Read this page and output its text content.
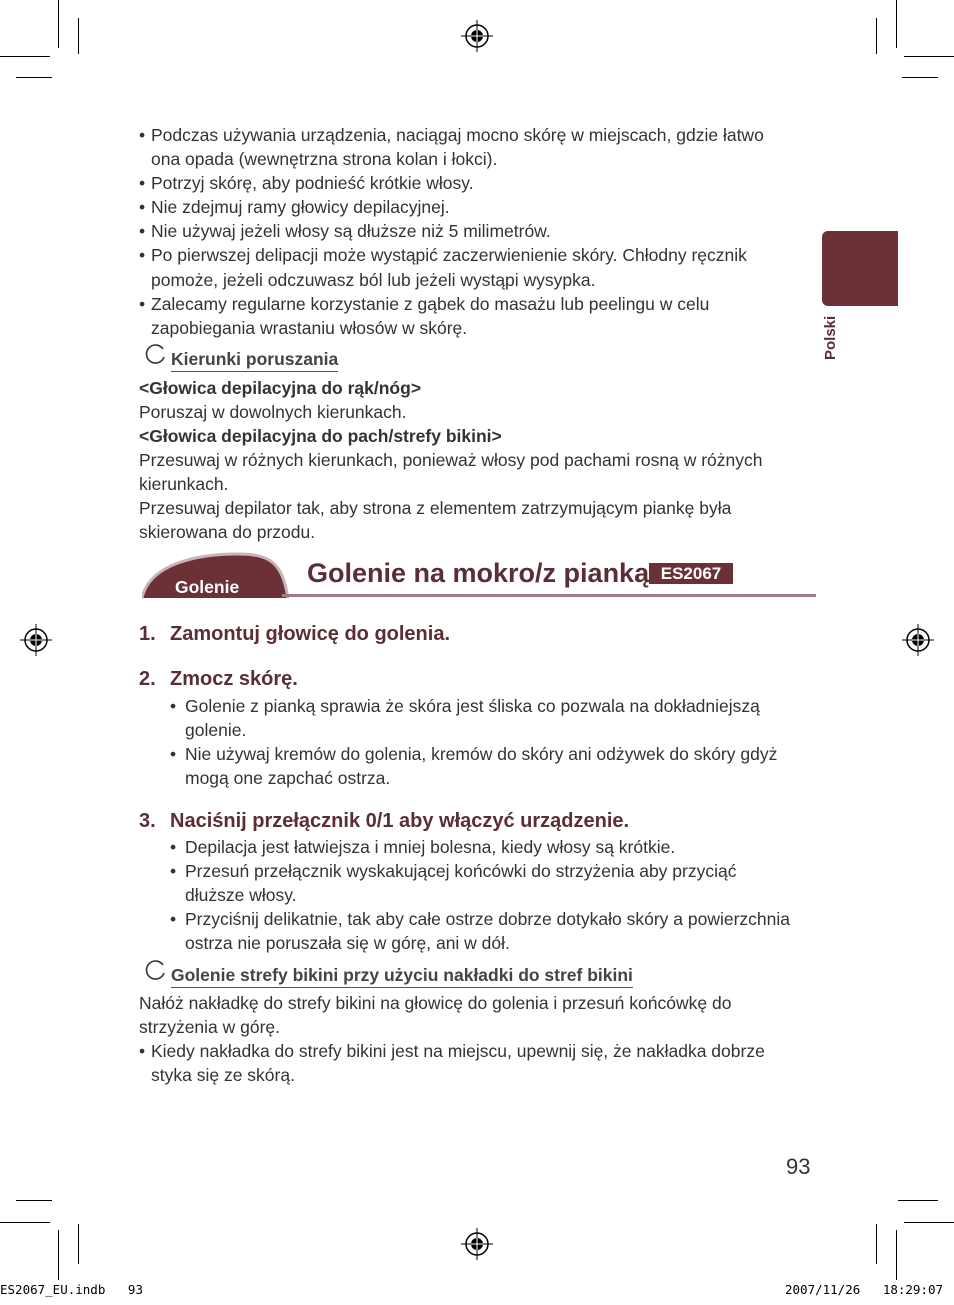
Polski
• Podczas używania urządzenia, naciągaj mocno skórę w miejscach, gdzie łatwo
ona opada (wewnętrzna strona kolan i łokci).
• Potrzyj skórę, aby podnieść krótkie włosy.
• Nie zdejmuj ramy głowicy depilacyjnej.
• Nie używaj jeżeli włosy są dłuższe niż 5 milimetrów.
• Po pierwszej delipacji może wystąpić zaczerwienienie skóry. Chłodny ręcznik
pomoże, jeżeli odczuwasz ból lub jeżeli wystąpi wysypka.
• Zalecamy regularne korzystanie z gąbek do masażu lub peelingu w celu
zapobiegania wrastaniu włosów w skórę.
Kierunki poruszania
<Głowica depilacyjna do rąk/nóg>
Poruszaj w dowolnych kierunkach.
<Głowica depilacyjna do pach/strefy bikini>
Przesuwaj w różnych kierunkach, ponieważ włosy pod pachami rosną w różnych
kierunkach.
Przesuwaj depilator tak, aby strona z elementem zatrzymującym piankę była
skierowana do przodu.
Golenie	Golenie na mokro/z pianką ES2067
1. Zamontuj głowicę do golenia.
2. Zmocz skórę.
• Golenie z pianką sprawia że skóra jest śliska co pozwala na dokładniejszą
golenie.
• Nie używaj kremów do golenia, kremów do skóry ani odżywek do skóry gdyż
mogą one zapchać ostrza.
3. Naciśnij przełącznik 0/1 aby włączyć urządzenie.
• Depilacja jest łatwiejsza i mniej bolesna, kiedy włosy są krótkie.
• Przesuń przełącznik wyskakującej końcówki do strzyżenia aby przyciąć
dłuższe włosy.
• Przyciśnij delikatnie, tak aby całe ostrze dobrze dotykało skóry a powierzchnia
ostrza nie poruszała się w górę, ani w dół.
Golenie strefy bikini przy użyciu nakładki do stref bikini
Nałóż nakładkę do strefy bikini na głowicę do golenia i przesuń końcówkę do
strzyżenia w górę.
• Kiedy nakładka do strefy bikini jest na miejscu, upewnij się, że nakładka dobrze
styka się ze skórą.
93
ES2067_EU.indb   93	2007/11/26   18:29:07
